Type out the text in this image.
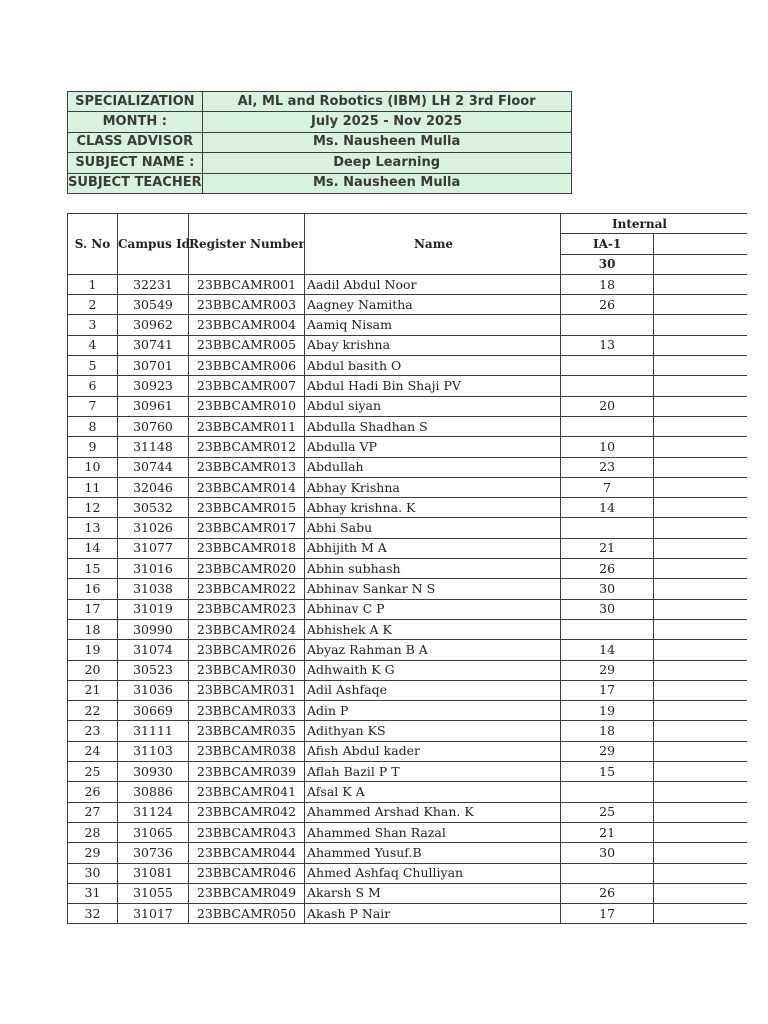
SPECIALIZATION	AI, ML and Robotics (IBM) LH 2 3rd Floor
MONTH :	July 2025 - Nov 2025
CLASS ADVISOR	Ms. Nausheen Mulla
SUBJECT NAME :	Deep Learning
SUBJECT TEACHER	Ms. Nausheen Mulla
S. No	Campus Id	Register Number	Name	Internal	
				IA-1	
				30	
1	32231	23BBCAMR001	Aadil Abdul Noor	18	
2	30549	23BBCAMR003	Aagney Namitha	26	
3	30962	23BBCAMR004	Aamiq Nisam		
4	30741	23BBCAMR005	Abay krishna	13	
5	30701	23BBCAMR006	Abdul basith O		
6	30923	23BBCAMR007	Abdul Hadi Bin Shaji PV		
7	30961	23BBCAMR010	Abdul siyan	20	
8	30760	23BBCAMR011	Abdulla Shadhan S		
9	31148	23BBCAMR012	Abdulla VP	10	
10	30744	23BBCAMR013	Abdullah	23	
11	32046	23BBCAMR014	Abhay Krishna	7	
12	30532	23BBCAMR015	Abhay krishna. K	14	
13	31026	23BBCAMR017	Abhi Sabu		
14	31077	23BBCAMR018	Abhijith M A	21	
15	31016	23BBCAMR020	Abhin subhash	26	
16	31038	23BBCAMR022	Abhinav Sankar N S	30	
17	31019	23BBCAMR023	Abhinav C P	30	
18	30990	23BBCAMR024	Abhishek A K		
19	31074	23BBCAMR026	Abyaz Rahman B A	14	
20	30523	23BBCAMR030	Adhwaith K G	29	
21	31036	23BBCAMR031	Adil Ashfaqe	17	
22	30669	23BBCAMR033	Adin P	19	
23	31111	23BBCAMR035	Adithyan KS	18	
24	31103	23BBCAMR038	Afish Abdul kader	29	
25	30930	23BBCAMR039	Aflah Bazil P T	15	
26	30886	23BBCAMR041	Afsal K A		
27	31124	23BBCAMR042	Ahammed Arshad Khan. K	25	
28	31065	23BBCAMR043	Ahammed Shan Razal	21	
29	30736	23BBCAMR044	Ahammed Yusuf.B	30	
30	31081	23BBCAMR046	Ahmed Ashfaq Chulliyan		
31	31055	23BBCAMR049	Akarsh S M	26	
32	31017	23BBCAMR050	Akash P Nair	17	
